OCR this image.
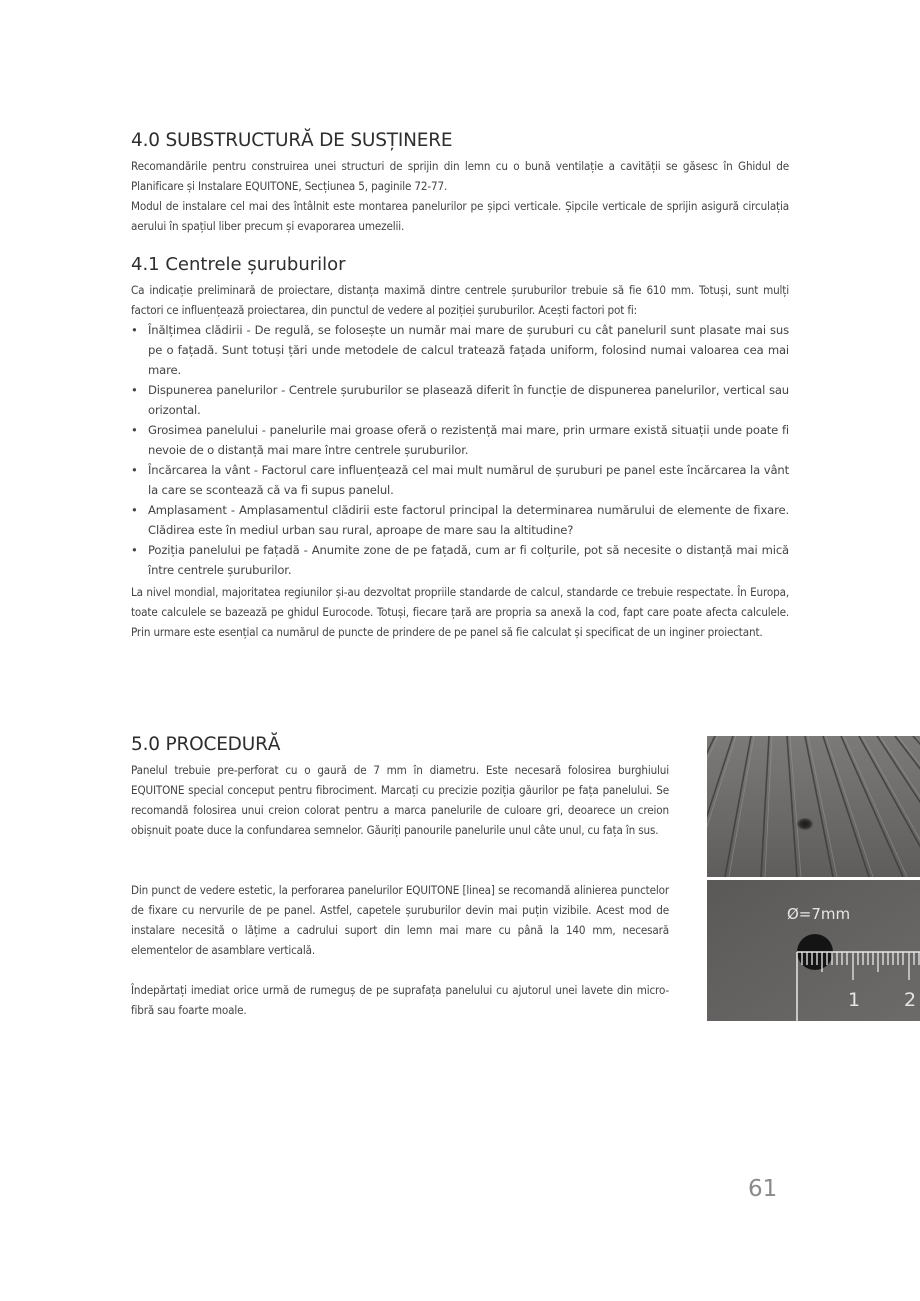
4.0 SUBSTRUCTURĂ DE SUSȚINERE

Recomandările pentru construirea unei structuri de sprijin din lemn cu o bună ventilație a cavității se găsesc în Ghidul de Planificare și Instalare EQUITONE, Secțiunea 5, paginile 72-77.

Modul de instalare cel mai des întâlnit este montarea panelurilor pe șipci verticale. Șipcile verticale de sprijin asigură circulația aerului în spațiul liber precum și evaporarea umezelii.

4.1 Centrele șuruburilor

Ca indicație preliminară de proiectare, distanța maximă dintre centrele șuruburilor trebuie să fie 610 mm. Totuși, sunt mulți factori ce influențează proiectarea, din punctul de vedere al poziției șuruburilor. Acești factori pot fi:

• Înălțimea clădirii - De regulă, se folosește un număr mai mare de șuruburi cu cât paneluril sunt plasate mai sus pe o fațadă. Sunt totuși țări unde metodele de calcul tratează fațada uniform, folosind numai valoarea cea mai mare.
• Dispunerea panelurilor - Centrele șuruburilor se plasează diferit în funcție de dispunerea panelurilor, vertical sau orizontal.
• Grosimea panelului - panelurile mai groase oferă o rezistență mai mare, prin urmare există situații unde poate fi nevoie de o distanță mai mare între centrele șuruburilor.
• Încărcarea la vânt - Factorul care influențează cel mai mult numărul de șuruburi pe panel este încărcarea la vânt la care se scontează că va fi supus panelul.
• Amplasament - Amplasamentul clădirii este factorul principal la determinarea numărului de elemente de fixare. Clădirea este în mediul urban sau rural, aproape de mare sau la altitudine?
• Poziția panelului pe fațadă - Anumite zone de pe fațadă, cum ar fi colțurile, pot să necesite o distanță mai mică între centrele șuruburilor.

La nivel mondial, majoritatea regiunilor și-au dezvoltat propriile standarde de calcul, standarde ce trebuie respectate. În Europa, toate calculele se bazează pe ghidul Eurocode. Totuși, fiecare țară are propria sa anexă la cod, fapt care poate afecta calculele. Prin urmare este esențial ca numărul de puncte de prindere de pe panel să fie calculat și specificat de un inginer proiectant.

5.0 PROCEDURĂ

Panelul trebuie pre-perforat cu o gaură de 7 mm în diametru. Este necesară folosirea burghiului EQUITONE special conceput pentru fibrociment. Marcați cu precizie poziția găurilor pe fața panelului. Se recomandă folosirea unui creion colorat pentru a marca panelurile de culoare gri, deoarece un creion obișnuit poate duce la confundarea semnelor. Găuriți panourile panelurile unul câte unul, cu fața în sus.

Din punct de vedere estetic, la perforarea panelurilor EQUITONE [linea] se recomandă alinierea punctelor de fixare cu nervurile de pe panel. Astfel, capetele șuruburilor devin mai puțin vizibile. Acest mod de instalare necesită o lățime a cadrului suport din lemn mai mare cu până la 140 mm, necesară elementelor de asamblare verticală.

Îndepărtați imediat orice urmă de rumeguș de pe suprafața panelului cu ajutorul unei lavete din micro-fibră sau foarte moale.

Ø=7mm
1 2

61
